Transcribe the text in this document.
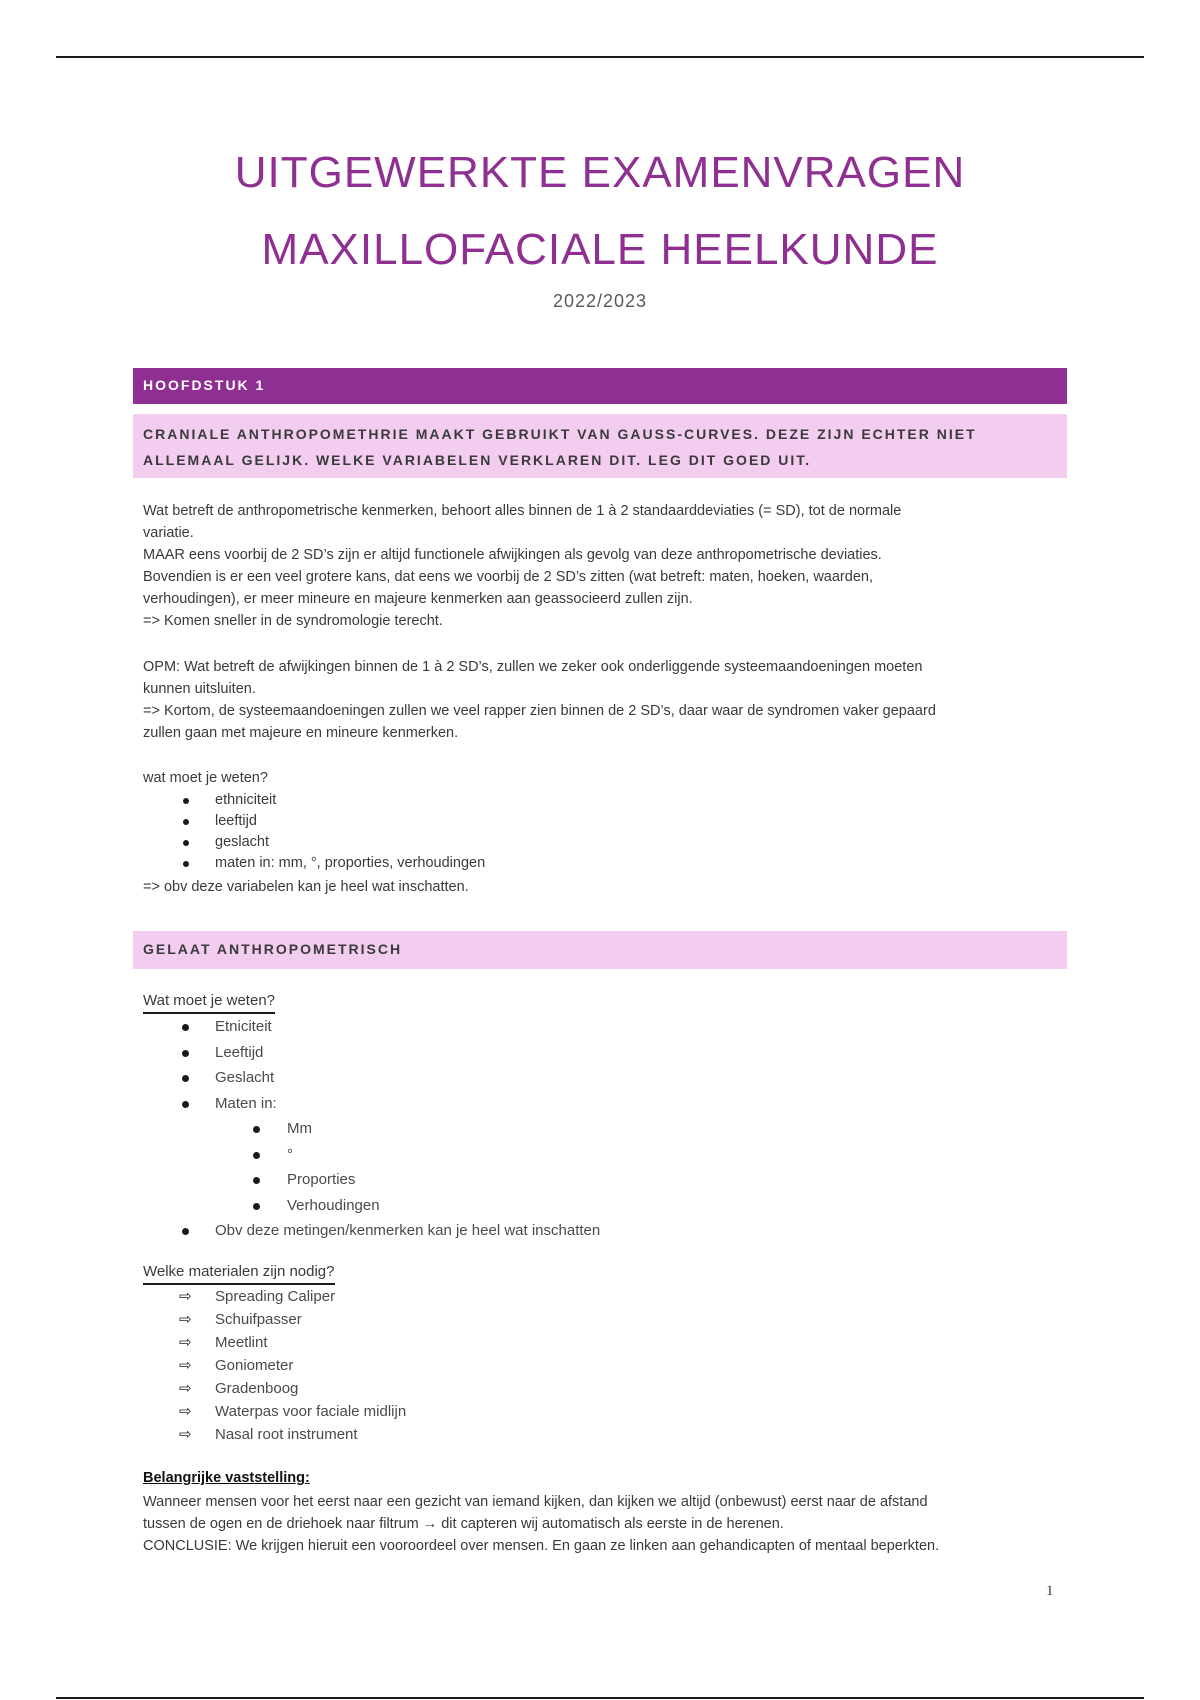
UITGEWERKTE EXAMENVRAGEN
MAXILLOFACIALE HEELKUNDE
2022/2023
HOOFDSTUK 1
CRANIALE ANTHROPOMETHRIE MAAKT GEBRUIKT VAN GAUSS-CURVES. DEZE ZIJN ECHTER NIET
ALLEMAAL GELIJK. WELKE VARIABELEN VERKLAREN DIT. LEG DIT GOED UIT.

Wat betreft de anthropometrische kenmerken, behoort alles binnen de 1 à 2 standaarddeviaties (= SD), tot de normale

variatie.

MAAR eens voorbij de 2 SD’s zijn er altijd functionele afwijkingen als gevolg van deze anthropometrische deviaties.

Bovendien is er een veel grotere kans, dat eens we voorbij de 2 SD’s zitten (wat betreft: maten, hoeken, waarden,

verhoudingen), er meer mineure en majeure kenmerken aan geassocieerd zullen zijn.

=> Komen sneller in de syndromologie terecht.

OPM: Wat betreft de afwijkingen binnen de 1 à 2 SD’s, zullen we zeker ook onderliggende systeemaandoeningen moeten

kunnen uitsluiten.

=> Kortom, de systeemaandoeningen zullen we veel rapper zien binnen de 2 SD’s, daar waar de syndromen vaker gepaard

zullen gaan met majeure en mineure kenmerken.

wat moet je weten?
ethniciteit
leeftijd
geslacht
maten in: mm, °, proporties, verhoudingen
=> obv deze variabelen kan je heel wat inschatten.
GELAAT ANTHROPOMETRISCH
Wat moet je weten?
Etniciteit
Leeftijd
Geslacht
Maten in:
Mm
°
Proporties
Verhoudingen
Obv deze metingen/kenmerken kan je heel wat inschatten
Welke materialen zijn nodig?
⇨ Spreading Caliper
⇨ Schuifpasser
⇨ Meetlint
⇨ Goniometer
⇨ Gradenboog
⇨ Waterpas voor faciale midlijn
⇨ Nasal root instrument
Belangrijke vaststelling:

Wanneer mensen voor het eerst naar een gezicht van iemand kijken, dan kijken we altijd (onbewust) eerst naar de afstand

tussen de ogen en de driehoek naar filtrum → dit capteren wij automatisch als eerste in de herenen.

CONCLUSIE: We krijgen hieruit een vooroordeel over mensen. En gaan ze linken aan gehandicapten of mentaal beperkten.

1
